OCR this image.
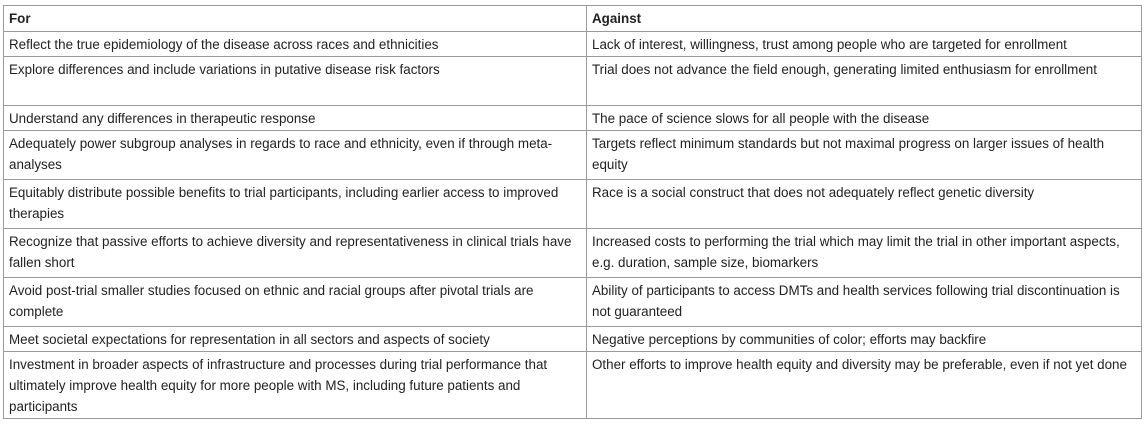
For	Against
Reflect the true epidemiology of the disease across races and ethnicities	Lack of interest, willingness, trust among people who are targeted for enrollment
Explore differences and include variations in putative disease risk factors	Trial does not advance the field enough, generating limited enthusiasm for enrollment
Understand any differences in therapeutic response	The pace of science slows for all people with the disease
Adequately power subgroup analyses in regards to race and ethnicity, even if through meta-analyses	Targets reflect minimum standards but not maximal progress on larger issues of health equity
Equitably distribute possible benefits to trial participants, including earlier access to improved therapies	Race is a social construct that does not adequately reflect genetic diversity
Recognize that passive efforts to achieve diversity and representativeness in clinical trials have fallen short	Increased costs to performing the trial which may limit the trial in other important aspects, e.g. duration, sample size, biomarkers
Avoid post-trial smaller studies focused on ethnic and racial groups after pivotal trials are complete	Ability of participants to access DMTs and health services following trial discontinuation is not guaranteed
Meet societal expectations for representation in all sectors and aspects of society	Negative perceptions by communities of color; efforts may backfire
Investment in broader aspects of infrastructure and processes during trial performance that ultimately improve health equity for more people with MS, including future patients and participants	Other efforts to improve health equity and diversity may be preferable, even if not yet done
